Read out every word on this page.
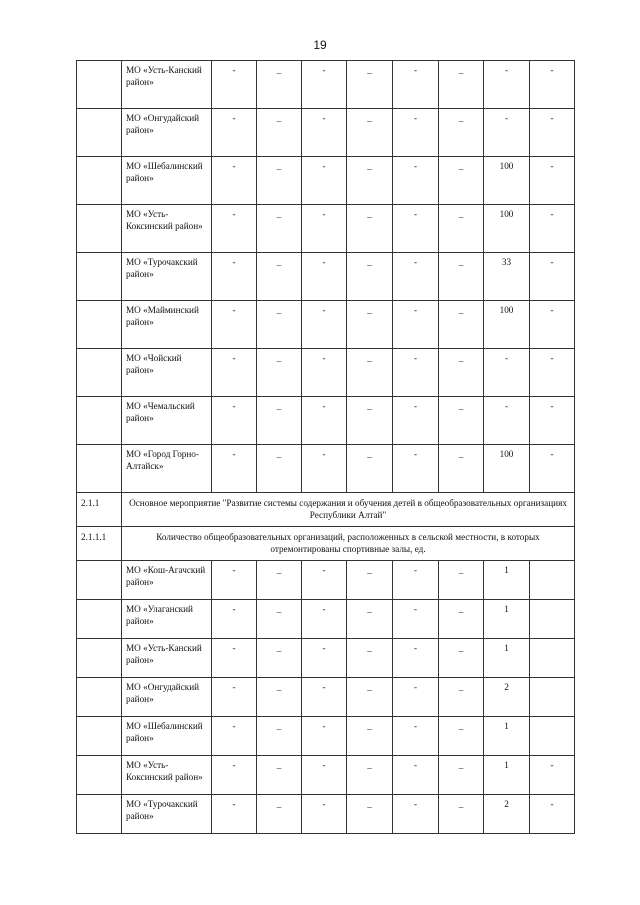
19
	МО «Усть-Канский район»	-	_	-	_	-	_	-	-
	МО «Онгудайский район»	-	_	-	_	-	_	-	-
	МО «Шебалинский район»	-	_	-	_	-	_	100	-
	МО «Усть-Коксинский район»	-	_	-	_	-	_	100	-
	МО «Турочакский район»	-	_	-	_	-	_	33	-
	МО «Майминский район»	-	_	-	_	-	_	100	-
	МО «Чойский район»	-	_	-	_	-	_	-	-
	МО «Чемальский район»	-	_	-	_	-	_	-	-
	МО «Город Горно-Алтайск»	-	_	-	_	-	_	100	-
2.1.1	Основное мероприятие "Развитие системы содержания и обучения детей в общеобразовательных организациях Республики Алтай"								
2.1.1.1	Количество общеобразовательных организаций, расположенных в сельской местности, в которых отремонтированы спортивные залы, ед.								
	МО «Кош-Агачский район»	-	_	-	_	-	_	1	
	МО «Улаганский район»	-	_	-	_	-	_	1	
	МО «Усть-Канский район»	-	_	-	_	-	_	1	
	МО «Онгудайский район»	-	_	-	_	-	_	2	
	МО «Шебалинский район»	-	_	-	_	-	_	1	
	МО «Усть-Коксинский район»	-	_	-	_	-	_	1	-
	МО «Турочакский район»	-	_	-	_	-	_	2	-
